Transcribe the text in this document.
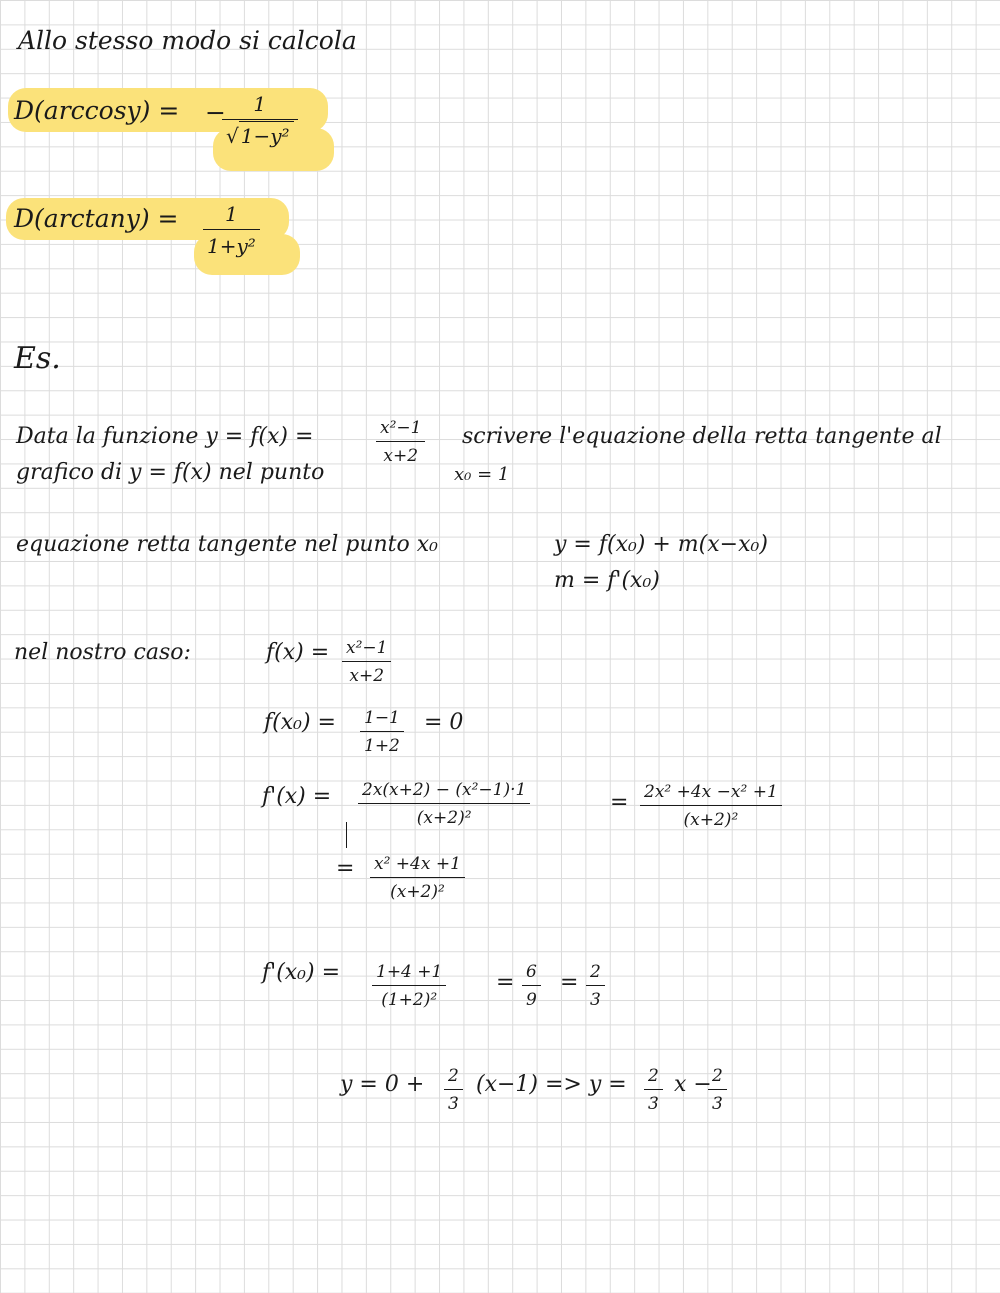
Allo stesso modo si calcola
D(arccosy) = −
$\frac{1}{\text{√ 1−y²}}$
$D(\arctan y) = \frac{1}{\text{1+y²}}$
Es.
Data la funzione y = f(x) =	$\frac{\text{x²−1}}{x+2}$ scrivere l'equazione della retta tangente al
grafico di y = f(x) nel punto	x₀ = 1
equazione retta tangente nel punto x₀	y = f(x₀) + m(x−x₀)
m = f'(x₀)
nel nostro caso:	$f(x) = \frac{\text{x²−1}}{x+2}$
$f(x_0) = \frac{1-1}{1+2} = 0$
$f'(x) = \frac{\text{2x(x+2) − (x²−1)·1}}{\text{(x+2)²}}$	= $\frac{\text{2x² +4x −x² +1}}{\text{(x+2)²}}$
= $\frac{\text{x² +4x +1}}{\text{(x+2)²}}$
$f'(x_0) = \frac{1+4 +1}{\text{(1+2)²}} = \frac{6}{9} = \frac{2}{3}$
$y = 0 + \frac{2}{3} (x-1) => y = \frac{2}{3}$ x −
$\frac{2}{3}$
